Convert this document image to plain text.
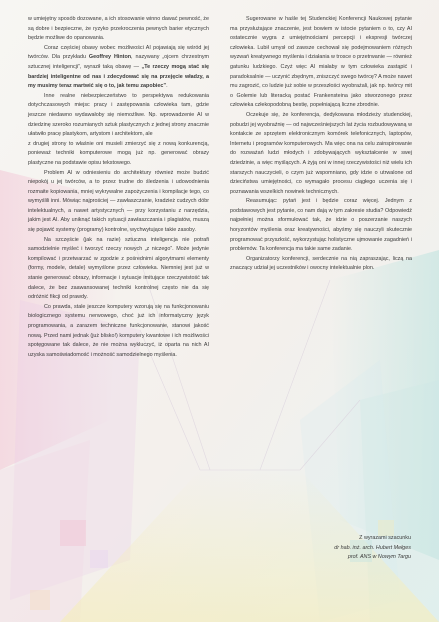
w umiejętny sposób dozowane, a ich stosowanie winno dawać pewność, że są dobre i bezpieczne, że ryzyko przekroczenia pewnych barier etycznych będzie możliwe do opanowania.

Coraz częściej obawy wobec możliwości AI pojawiają się wśród jej twórców. Dla przykładu Geoffrey Hinton, nazywany „ojcem chrzestnym sztucznej inteligencji”, wyraził taką obawę — „Te rzeczy mogą stać się bardziej inteligentne od nas i zdecydować się na przejęcie władzy, a my musimy teraz martwić się o to, jak temu zapobiec”.

Inne realne niebezpieczeństwo to perspektywa redukowania dotychczasowych miejsc pracy i zastępowania człowieka tam, gdzie jeszcze niedawno wydawałoby się niemożliwe. Np. wprowadzenie AI w dziedzinę szeroko rozumianych sztuk plastycznych z jednej strony znacznie ułatwiło pracę plastykom, artystom i architektom, ale

z drugiej strony to właśnie oni musieli zmierzyć się z nową konkurencją, ponieważ techniki komputerowe mogą już np. generować obrazy plastyczne na podstawie opisu tekstowego.

Problem AI w odniesieniu do architektury również może budzić niepokój u jej twórców, a to przez trudne do śledzenia i udowodnienia rozmaite kopiowania, mniej wykrywalne zapożyczenia i kompilacje tego, co wymyślili inni. Mówiąc najprościej — zawłaszczanie, kradzież cudzych dóbr intelektualnych, a nawet artystycznych — przy korzystaniu z narzędzia, jakim jest AI. Aby uniknąć takich sytuacji zawłaszczania i plagiatów, muszą się pojawić systemy (programy) kontrolne, wychwytujące takie zasoby.

Na szczęście (jak na razie) sztuczna inteligencja nie potrafi samodzielnie myśleć i tworzyć rzeczy nowych „z niczego”. Może jedynie kompilować i przetwarzać w zgodzie z pośrednimi algorytmami elementy (formy, modele, detale) wymyślone przez człowieka. Niemniej jest już w stanie generować obrazy, informacje i sytuacje imitujące rzeczywistość tak dalece, że bez zaawansowanej techniki kontrolnej często nie da się odróżnić fikcji od prawdy.

Co prawda, stale jeszcze komputery wzorują się na funkcjonowaniu biologicznego systemu nerwowego, choć już ich informatyczny język programowania, a zarazem techniczne funkcjonowanie, stanowi jakość nową. Przed nami jednak (już blisko!) komputery kwantowe i ich możliwości spotęgowane tak dalece, że nie można wykluczyć, iż oparta na nich AI uzyska samoświadomość i możność samodzielnego myślenia.

Sugerowane w haśle tej Studenckiej Konferencji Naukowej pytanie ma przysłużające znaczenie, jest bowiem w istocie pytaniem o to, czy AI ostatecznie wygra z umiejętnościami percepcji i ekspresji twórczej człowieka. Lubił umysł od zawsze cechował się podejmowaniem różnych wyzwań kreatywnego myślenia i działania w trosce o przetrwanie — również gatunku ludzkiego. Czyż więc AI miałaby w tym człowieka zastąpić i paradoksalnie — uczynić zbędnym, zniszczyć swego twórcę? A może nawet mu zagrozić, co ludzie już sobie w przeszłości wyobrażali, jak np. twórcy mit o Golemie lub literacką postać Frankensteina jako stworzonego przez człowieka człekopodobną bestię, popełniającą liczne zbrodnie.

Oczekuje się, że konferencja, dedykowana młodzieży studenckiej, pobudzi jej wyobraźnię — od najwcześniejszych lat życia rozbudowywaną w kontakcie ze sprzętem elektronicznym komórek telefonicznych, laptopów, Internetu i programów komputerowych. Ma więc ona na celu zainspirowanie do rozważań ludzi młodych i zdobywających wykształcenie w swej dziedzinie, a więc myślących. A żyją oni w innej rzeczywistości niż wielu ich starszych nauczycieli, o czym już wspomniano, gdy idzie o utrwalone od dzieciństwa umiejętności, co wymagało procesu ciągłego uczenia się i poznawania wszelkich nowinek technicznych.

Reasumując: pytań jest i będzie coraz więcej. Jednym z podstawowych jest pytanie, co nam dają w tym zakresie studia? Odpowiedź najpełniej można sformułować tak, że idzie o poszerzanie naszych horyzontów myślenia oraz kreatywności, abyśmy się nauczyli skutecznie programować przyszłość, wykorzystując holistyczne ujmowanie zagadnień i problemów. Ta konferencja ma takie same zadanie.

Organizatorzy konferencji, serdecznie na nią zapraszając, liczą na znaczący udział jej uczestników i owocny intelektualnie plon.

Z wyrazami szacunku
dr hab. inż. arch. Hubert Mełges
prof. ANS w Nowym Targu
